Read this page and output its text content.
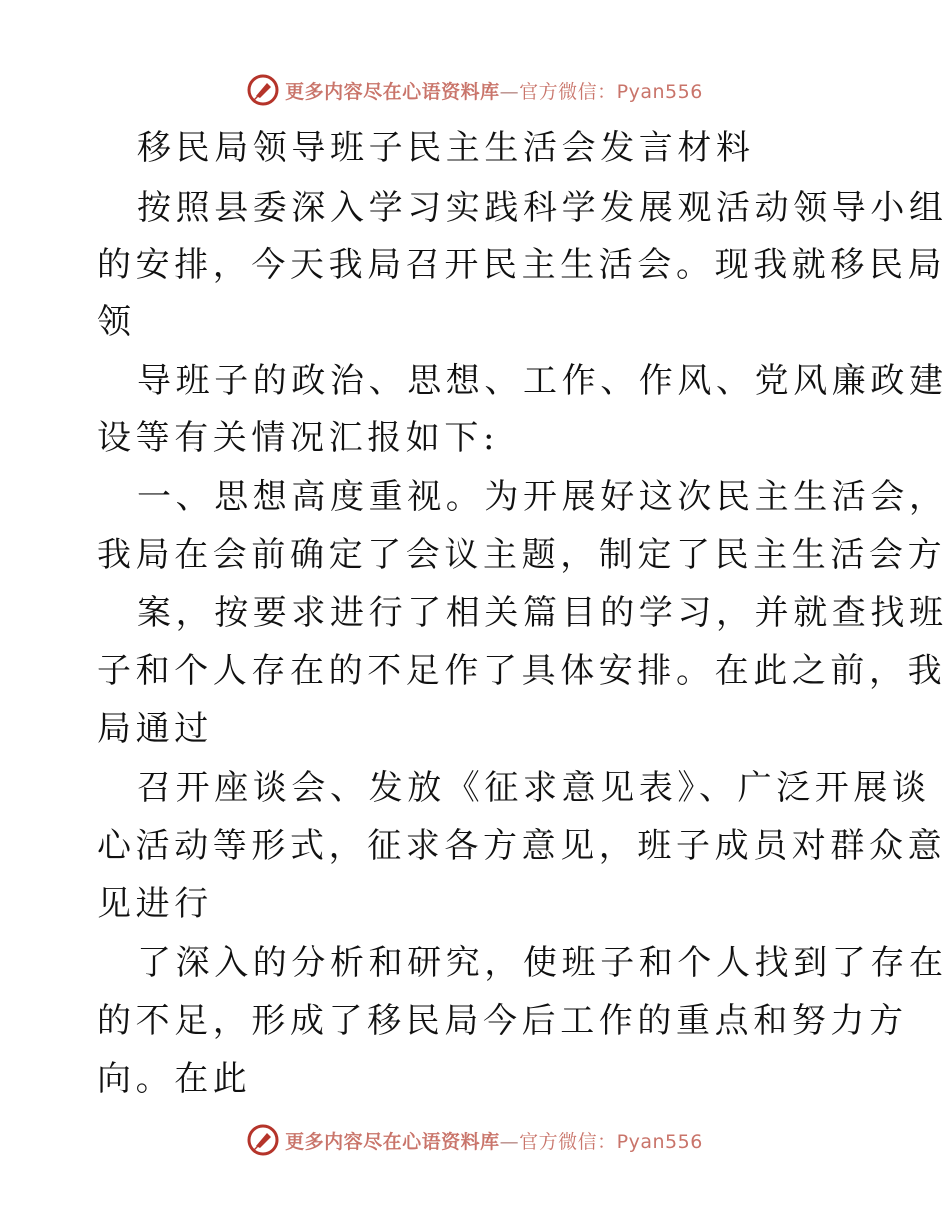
更多内容尽在心语资料库—官方微信：Pyan556
移民局领导班子民主生活会发言材料
按照县委深入学习实践科学发展观活动领导小组
的安排，今天我局召开民主生活会。现我就移民局
领
导班子的政治、思想、工作、作风、党风廉政建
设等有关情况汇报如下:
一、思想高度重视。为开展好这次民主生活会，
我局在会前确定了会议主题，制定了民主生活会方
案，按要求进行了相关篇目的学习，并就查找班
子和个人存在的不足作了具体安排。在此之前，我
局通过
召开座谈会、发放《征求意见表》、广泛开展谈
心活动等形式，征求各方意见，班子成员对群众意
见进行
了深入的分析和研究，使班子和个人找到了存在
的不足，形成了移民局今后工作的重点和努力方
向。在此
更多内容尽在心语资料库—官方微信：Pyan556
